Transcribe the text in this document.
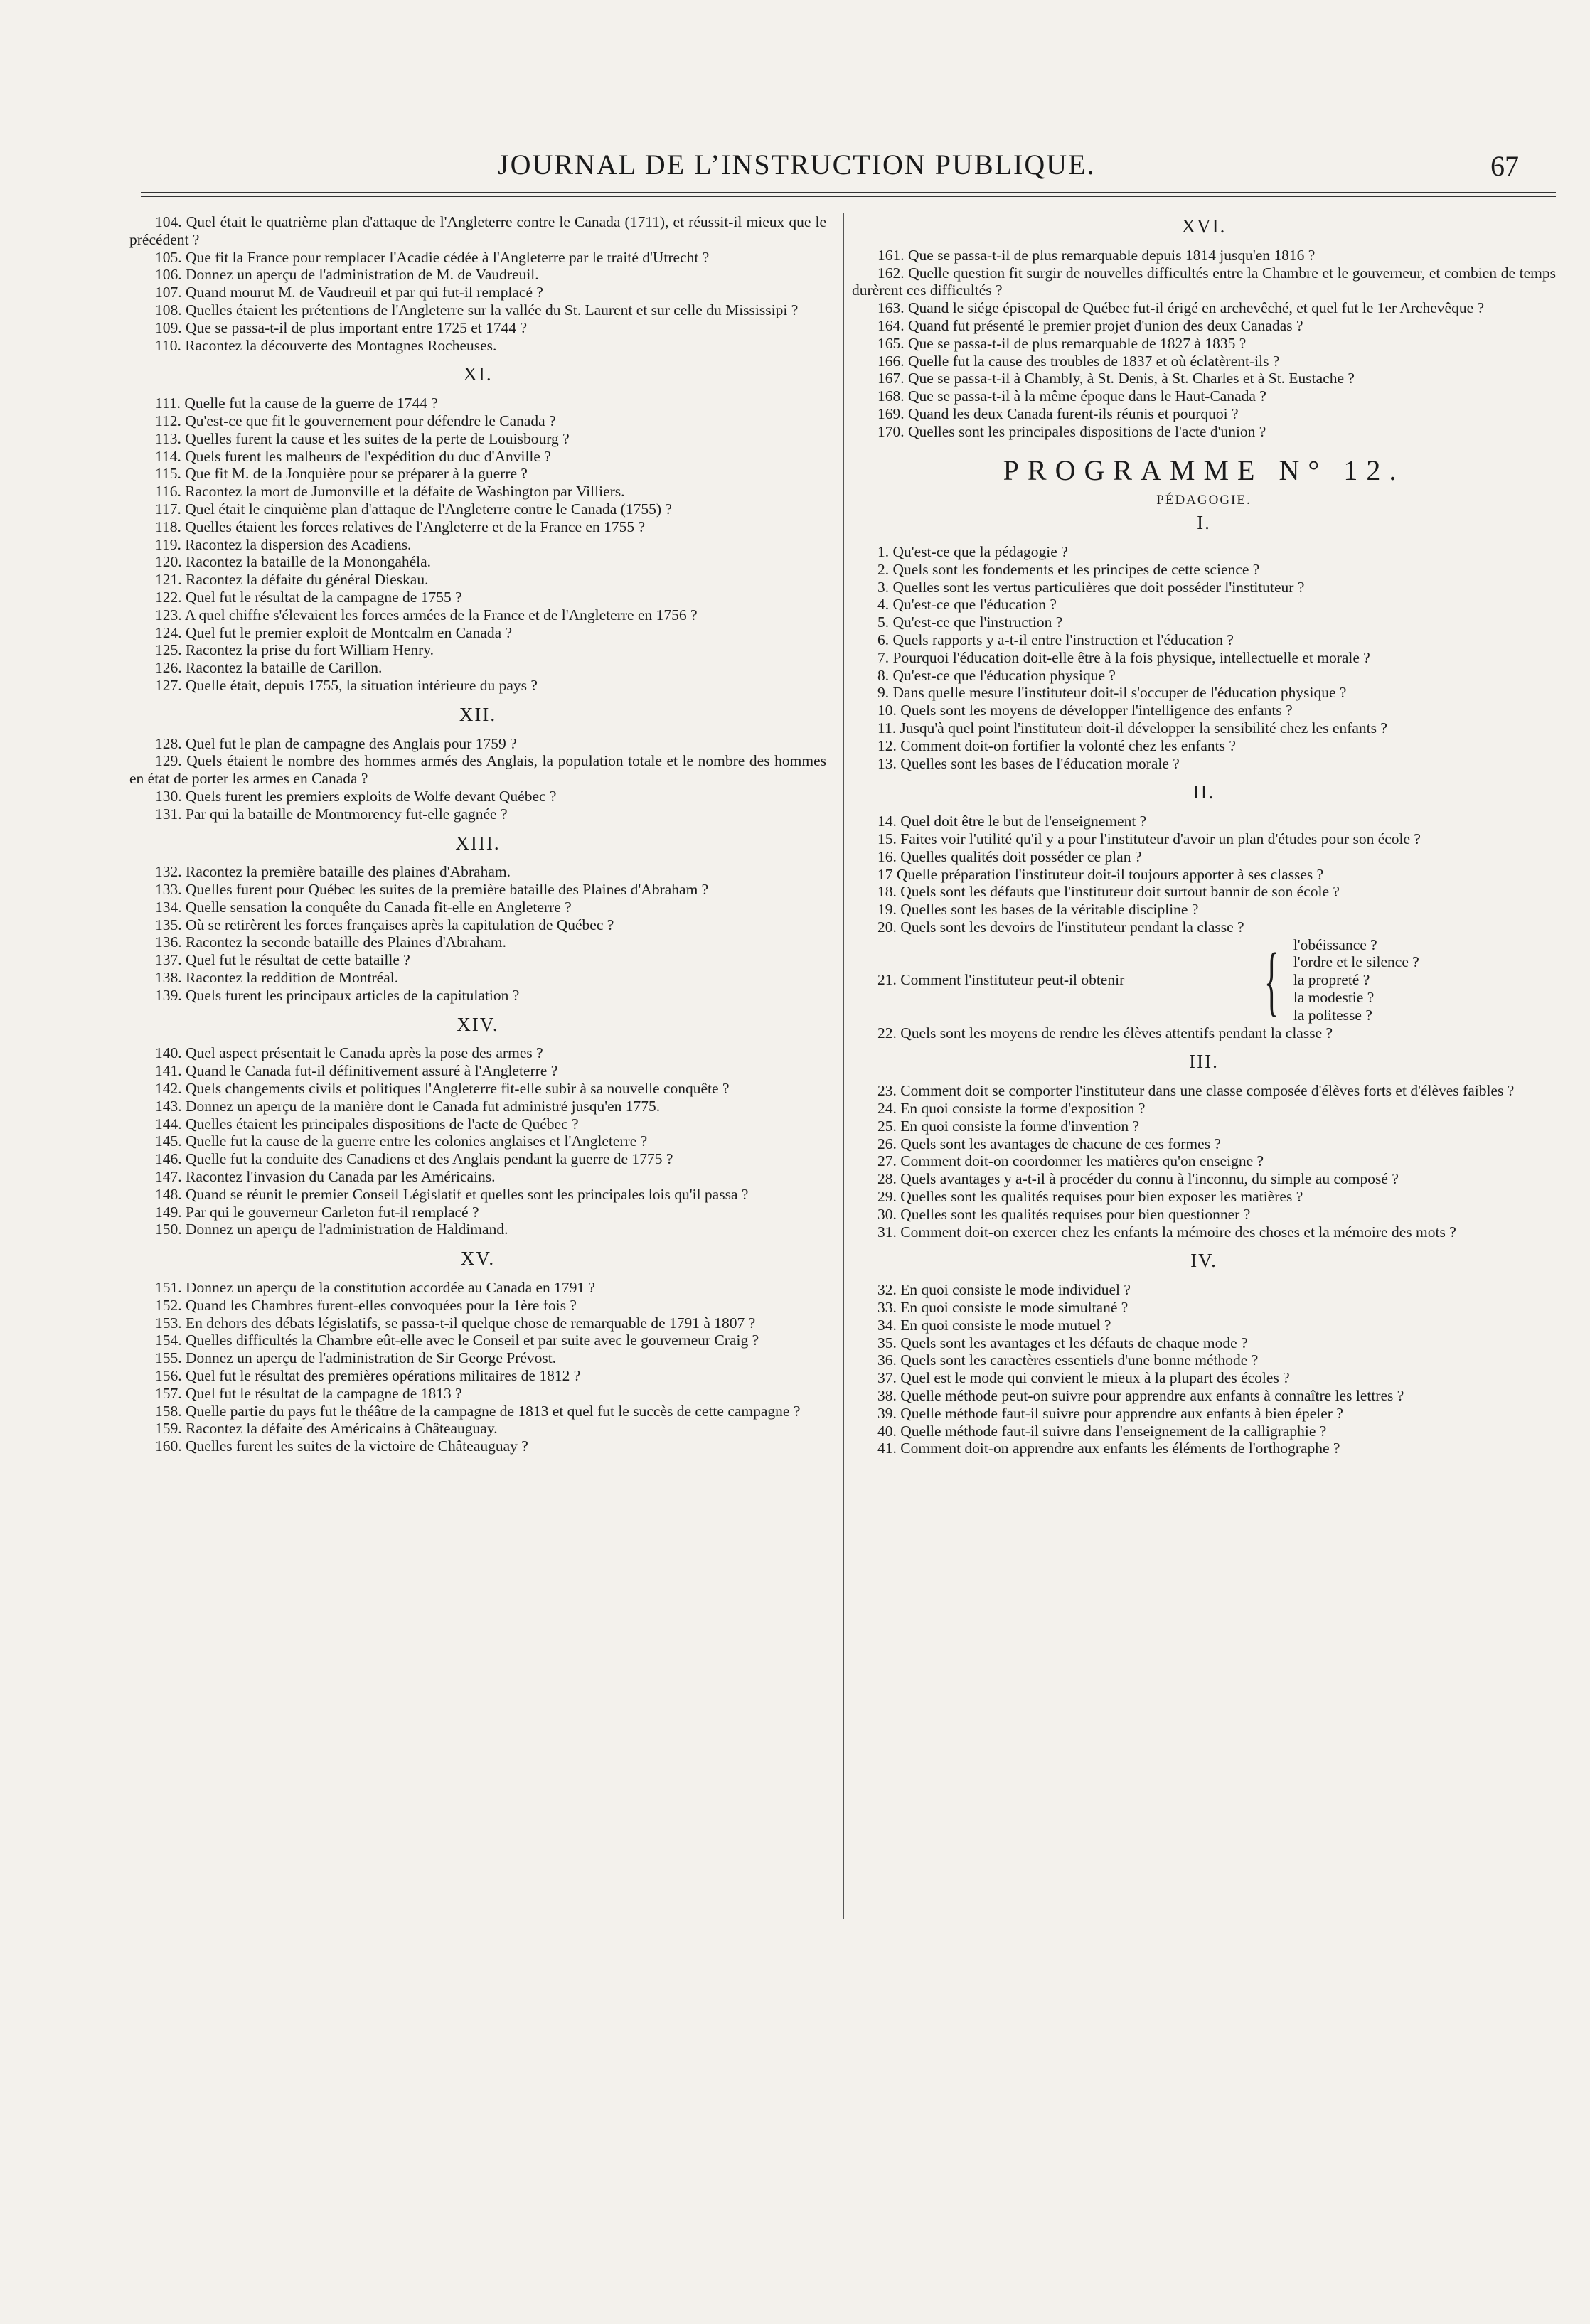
JOURNAL DE L’INSTRUCTION PUBLIQUE.	67

104. Quel était le quatrième plan d'attaque de l'Angleterre contre le Canada (1711), et réussit-il mieux que le précédent ?

105. Que fit la France pour remplacer l'Acadie cédée à l'Angleterre par le traité d'Utrecht ?

106. Donnez un aperçu de l'administration de M. de Vaudreuil.

107. Quand mourut M. de Vaudreuil et par qui fut-il remplacé ?

108. Quelles étaient les prétentions de l'Angleterre sur la vallée du St. Laurent et sur celle du Mississipi ?

109. Que se passa-t-il de plus important entre 1725 et 1744 ?

110. Racontez la découverte des Montagnes Rocheuses.

XI.

111. Quelle fut la cause de la guerre de 1744 ?

112. Qu'est-ce que fit le gouvernement pour défendre le Canada ?

113. Quelles furent la cause et les suites de la perte de Louisbourg ?

114. Quels furent les malheurs de l'expédition du duc d'Anville ?

115. Que fit M. de la Jonquière pour se préparer à la guerre ?

116. Racontez la mort de Jumonville et la défaite de Washington par Villiers.

117. Quel était le cinquième plan d'attaque de l'Angleterre contre le Canada (1755) ?

118. Quelles étaient les forces relatives de l'Angleterre et de la France en 1755 ?

119. Racontez la dispersion des Acadiens.

120. Racontez la bataille de la Monongahéla.

121. Racontez la défaite du général Dieskau.

122. Quel fut le résultat de la campagne de 1755 ?

123. A quel chiffre s'élevaient les forces armées de la France et de l'Angleterre en 1756 ?

124. Quel fut le premier exploit de Montcalm en Canada ?

125. Racontez la prise du fort William Henry.

126. Racontez la bataille de Carillon.

127. Quelle était, depuis 1755, la situation intérieure du pays ?

XII.

128. Quel fut le plan de campagne des Anglais pour 1759 ?

129. Quels étaient le nombre des hommes armés des Anglais, la population totale et le nombre des hommes en état de porter les armes en Canada ?

130. Quels furent les premiers exploits de Wolfe devant Québec ?

131. Par qui la bataille de Montmorency fut-elle gagnée ?

XIII.

132. Racontez la première bataille des plaines d'Abraham.

133. Quelles furent pour Québec les suites de la première bataille des Plaines d'Abraham ?

134. Quelle sensation la conquête du Canada fit-elle en Angleterre ?

135. Où se retirèrent les forces françaises après la capitulation de Québec ?

136. Racontez la seconde bataille des Plaines d'Abraham.

137. Quel fut le résultat de cette bataille ?

138. Racontez la reddition de Montréal.

139. Quels furent les principaux articles de la capitulation ?

XIV.

140. Quel aspect présentait le Canada après la pose des armes ?

141. Quand le Canada fut-il définitivement assuré à l'Angleterre ?

142. Quels changements civils et politiques l'Angleterre fit-elle subir à sa nouvelle conquête ?

143. Donnez un aperçu de la manière dont le Canada fut administré jusqu'en 1775.

144. Quelles étaient les principales dispositions de l'acte de Québec ?

145. Quelle fut la cause de la guerre entre les colonies anglaises et l'Angleterre ?

146. Quelle fut la conduite des Canadiens et des Anglais pendant la guerre de 1775 ?

147. Racontez l'invasion du Canada par les Américains.

148. Quand se réunit le premier Conseil Législatif et quelles sont les principales lois qu'il passa ?

149. Par qui le gouverneur Carleton fut-il remplacé ?

150. Donnez un aperçu de l'administration de Haldimand.

XV.

151. Donnez un aperçu de la constitution accordée au Canada en 1791 ?

152. Quand les Chambres furent-elles convoquées pour la 1ère fois ?

153. En dehors des débats législatifs, se passa-t-il quelque chose de remarquable de 1791 à 1807 ?

154. Quelles difficultés la Chambre eût-elle avec le Conseil et par suite avec le gouverneur Craig ?

155. Donnez un aperçu de l'administration de Sir George Prévost.

156. Quel fut le résultat des premières opérations militaires de 1812 ?

157. Quel fut le résultat de la campagne de 1813 ?

158. Quelle partie du pays fut le théâtre de la campagne de 1813 et quel fut le succès de cette campagne ?

159. Racontez la défaite des Américains à Châteauguay.

160. Quelles furent les suites de la victoire de Châteauguay ?

XVI.

161. Que se passa-t-il de plus remarquable depuis 1814 jusqu'en 1816 ?

162. Quelle question fit surgir de nouvelles difficultés entre la Chambre et le gouverneur, et combien de temps durèrent ces difficultés ?

163. Quand le siége épiscopal de Québec fut-il érigé en archevêché, et quel fut le 1er Archevêque ?

164. Quand fut présenté le premier projet d'union des deux Canadas ?

165. Que se passa-t-il de plus remarquable de 1827 à 1835 ?

166. Quelle fut la cause des troubles de 1837 et où éclatèrent-ils ?

167. Que se passa-t-il à Chambly, à St. Denis, à St. Charles et à St. Eustache ?

168. Que se passa-t-il à la même époque dans le Haut-Canada ?

169. Quand les deux Canada furent-ils réunis et pourquoi ?

170. Quelles sont les principales dispositions de l'acte d'union ?

PROGRAMME N° 12.
PÉDAGOGIE.
I.

1. Qu'est-ce que la pédagogie ?

2. Quels sont les fondements et les principes de cette science ?

3. Quelles sont les vertus particulières que doit posséder l'instituteur ?

4. Qu'est-ce que l'éducation ?

5. Qu'est-ce que l'instruction ?

6. Quels rapports y a-t-il entre l'instruction et l'éducation ?

7. Pourquoi l'éducation doit-elle être à la fois physique, intellectuelle et morale ?

8. Qu'est-ce que l'éducation physique ?

9. Dans quelle mesure l'instituteur doit-il s'occuper de l'éducation physique ?

10. Quels sont les moyens de développer l'intelligence des enfants ?

11. Jusqu'à quel point l'instituteur doit-il développer la sensibilité chez les enfants ?

12. Comment doit-on fortifier la volonté chez les enfants ?

13. Quelles sont les bases de l'éducation morale ?

II.

14. Quel doit être le but de l'enseignement ?

15. Faites voir l'utilité qu'il y a pour l'instituteur d'avoir un plan d'études pour son école ?

16. Quelles qualités doit posséder ce plan ?

17 Quelle préparation l'instituteur doit-il toujours apporter à ses classes ?

18. Quels sont les défauts que l'instituteur doit surtout bannir de son école ?

19. Quelles sont les bases de la véritable discipline ?

20. Quels sont les devoirs de l'instituteur pendant la classe ?

21. Comment l'instituteur peut-il obtenir	{ l'obéissance ?
l'ordre et le silence ?
la propreté ?
la modestie ?
la politesse ?

22. Quels sont les moyens de rendre les élèves attentifs pendant la classe ?

III.

23. Comment doit se comporter l'instituteur dans une classe composée d'élèves forts et d'élèves faibles ?

24. En quoi consiste la forme d'exposition ?

25. En quoi consiste la forme d'invention ?

26. Quels sont les avantages de chacune de ces formes ?

27. Comment doit-on coordonner les matières qu'on enseigne ?

28. Quels avantages y a-t-il à procéder du connu à l'inconnu, du simple au composé ?

29. Quelles sont les qualités requises pour bien exposer les matières ?

30. Quelles sont les qualités requises pour bien questionner ?

31. Comment doit-on exercer chez les enfants la mémoire des choses et la mémoire des mots ?

IV.

32. En quoi consiste le mode individuel ?

33. En quoi consiste le mode simultané ?

34. En quoi consiste le mode mutuel ?

35. Quels sont les avantages et les défauts de chaque mode ?

36. Quels sont les caractères essentiels d'une bonne méthode ?

37. Quel est le mode qui convient le mieux à la plupart des écoles ?

38. Quelle méthode peut-on suivre pour apprendre aux enfants à connaître les lettres ?

39. Quelle méthode faut-il suivre pour apprendre aux enfants à bien épeler ?

40. Quelle méthode faut-il suivre dans l'enseignement de la calligraphie ?

41. Comment doit-on apprendre aux enfants les éléments de l'orthographe ?
